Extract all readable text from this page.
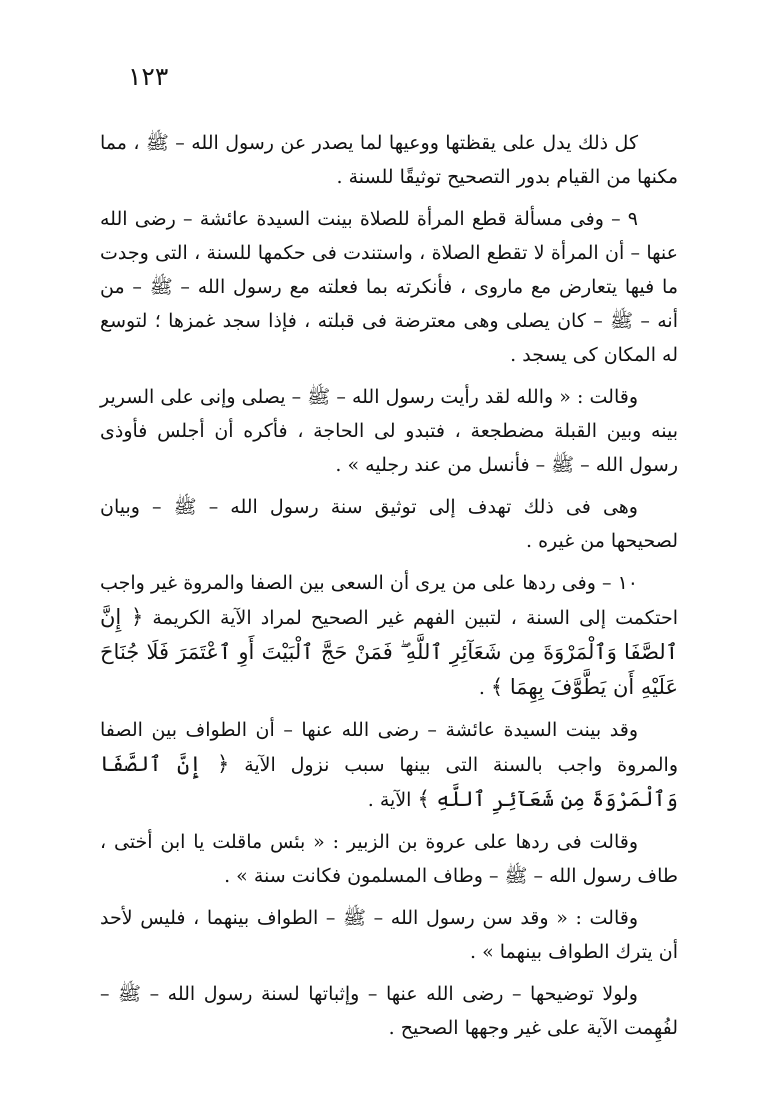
١٢٣

كل ذلك يدل على يقظتها ووعيها لما يصدر عن رسول الله – ﷺ ، مما مكنها من القيام بدور التصحيح توثيقًا للسنة .

٩ – وفى مسألة قطع المرأة للصلاة بينت السيدة عائشة – رضى الله عنها – أن المرأة لا تقطع الصلاة ، واستندت فى حكمها للسنة ، التى وجدت ما فيها يتعارض مع ماروى ، فأنكرته بما فعلته مع رسول الله – ﷺ – من أنه – ﷺ – كان يصلى وهى معترضة فى قبلته ، فإذا سجد غمزها ؛ لتوسع له المكان كى يسجد .

وقالت : « والله لقد رأيت رسول الله – ﷺ – يصلى وإنى على السرير بينه وبين القبلة مضطجعة ، فتبدو لى الحاجة ، فأكره أن أجلس فأوذى رسول الله – ﷺ – فأنسل من عند رجليه » .

وهى فى ذلك تهدف إلى توثيق سنة رسول الله – ﷺ – وبيان لصحيحها من غيره .

١٠ – وفى ردها على من يرى أن السعى بين الصفا والمروة غير واجب احتكمت إلى السنة ، لتبين الفهم غير الصحيح لمراد الآية الكريمة ﴿ إِنَّ ٱلصَّفَا وَٱلْمَرْوَةَ مِن شَعَآئِرِ ٱللَّهِ ۖ فَمَنْ حَجَّ ٱلْبَيْتَ أَوِ ٱعْتَمَرَ فَلَا جُنَاحَ عَلَيْهِ أَن يَطَّوَّفَ بِهِمَا ﴾ .

وقد بينت السيدة عائشة – رضى الله عنها – أن الطواف بين الصفا والمروة واجب بالسنة التى بينها سبب نزول الآية ﴿ إِنَّ ٱلصَّفَا وَٱلْمَرْوَةَ مِن شَعَآئِرِ ٱللَّهِ ﴾ الآية .

وقالت فى ردها على عروة بن الزبير : « بئس ماقلت يا ابن أختى ، طاف رسول الله – ﷺ – وطاف المسلمون فكانت سنة » .

وقالت : « وقد سن رسول الله – ﷺ – الطواف بينهما ، فليس لأحد أن يترك الطواف بينهما » .

ولولا توضيحها – رضى الله عنها – وإثباتها لسنة رسول الله – ﷺ – لفُهِمت الآية على غير وجهها الصحيح .
